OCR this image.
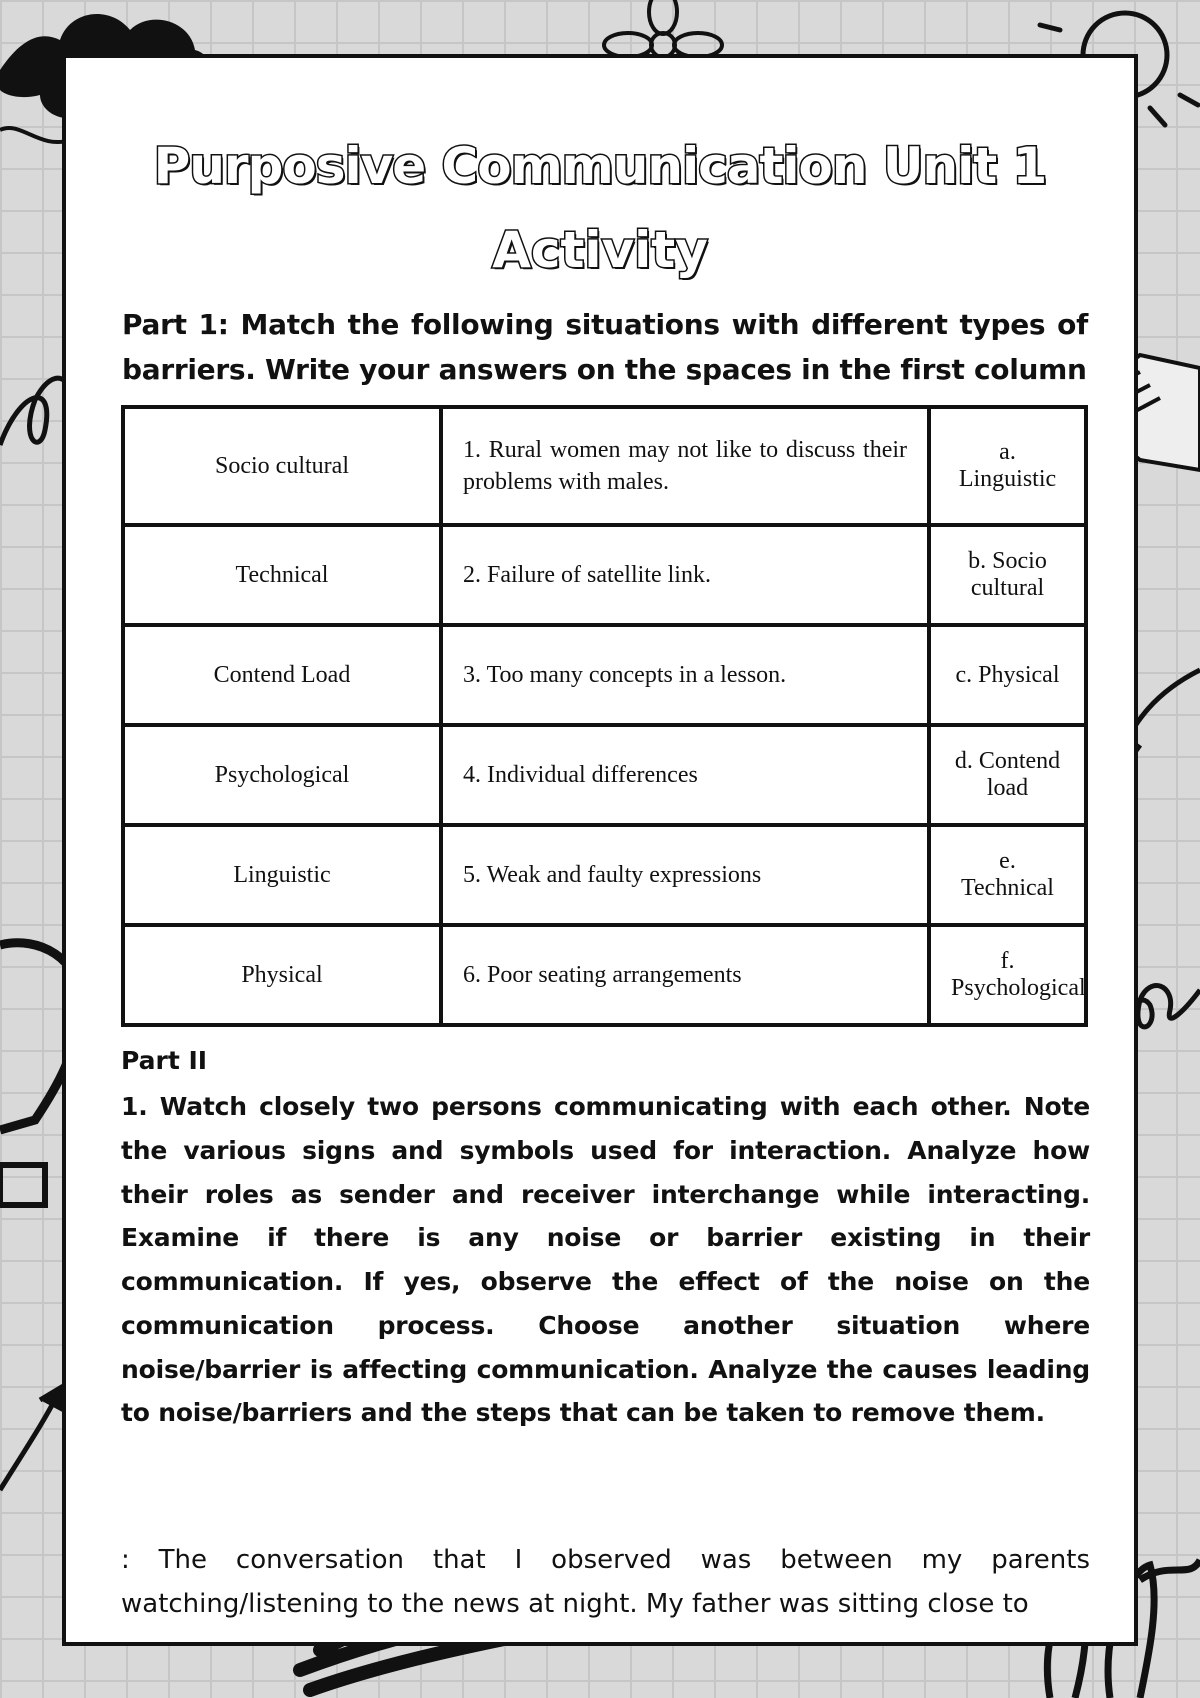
Purposive Communication Unit 1
Activity

Part 1: Match the following situations with different types of barriers. Write your answers on the spaces in the first column

Socio cultural	1. Rural women may not like to discuss their problems with males.	a. Linguistic
Technical	2. Failure of satellite link.	b. Socio cultural
Contend Load	3. Too many concepts in a lesson.	c. Physical
Psychological	4. Individual differences	d. Contend load
Linguistic	5. Weak and faulty expressions	e. Technical
Physical	6. Poor seating arrangements	f. Psychological

Part II

1. Watch closely two persons communicating with each other. Note the various signs and symbols used for interaction. Analyze how their roles as sender and receiver interchange while interacting. Examine if there is any noise or barrier existing in their communication. If yes, observe the effect of the noise on the communication process. Choose another situation where noise/barrier is affecting communication. Analyze the causes leading to noise/barriers and the steps that can be taken to remove them.

: The conversation that I observed was between my parents watching/listening to the news at night. My father was sitting close to
